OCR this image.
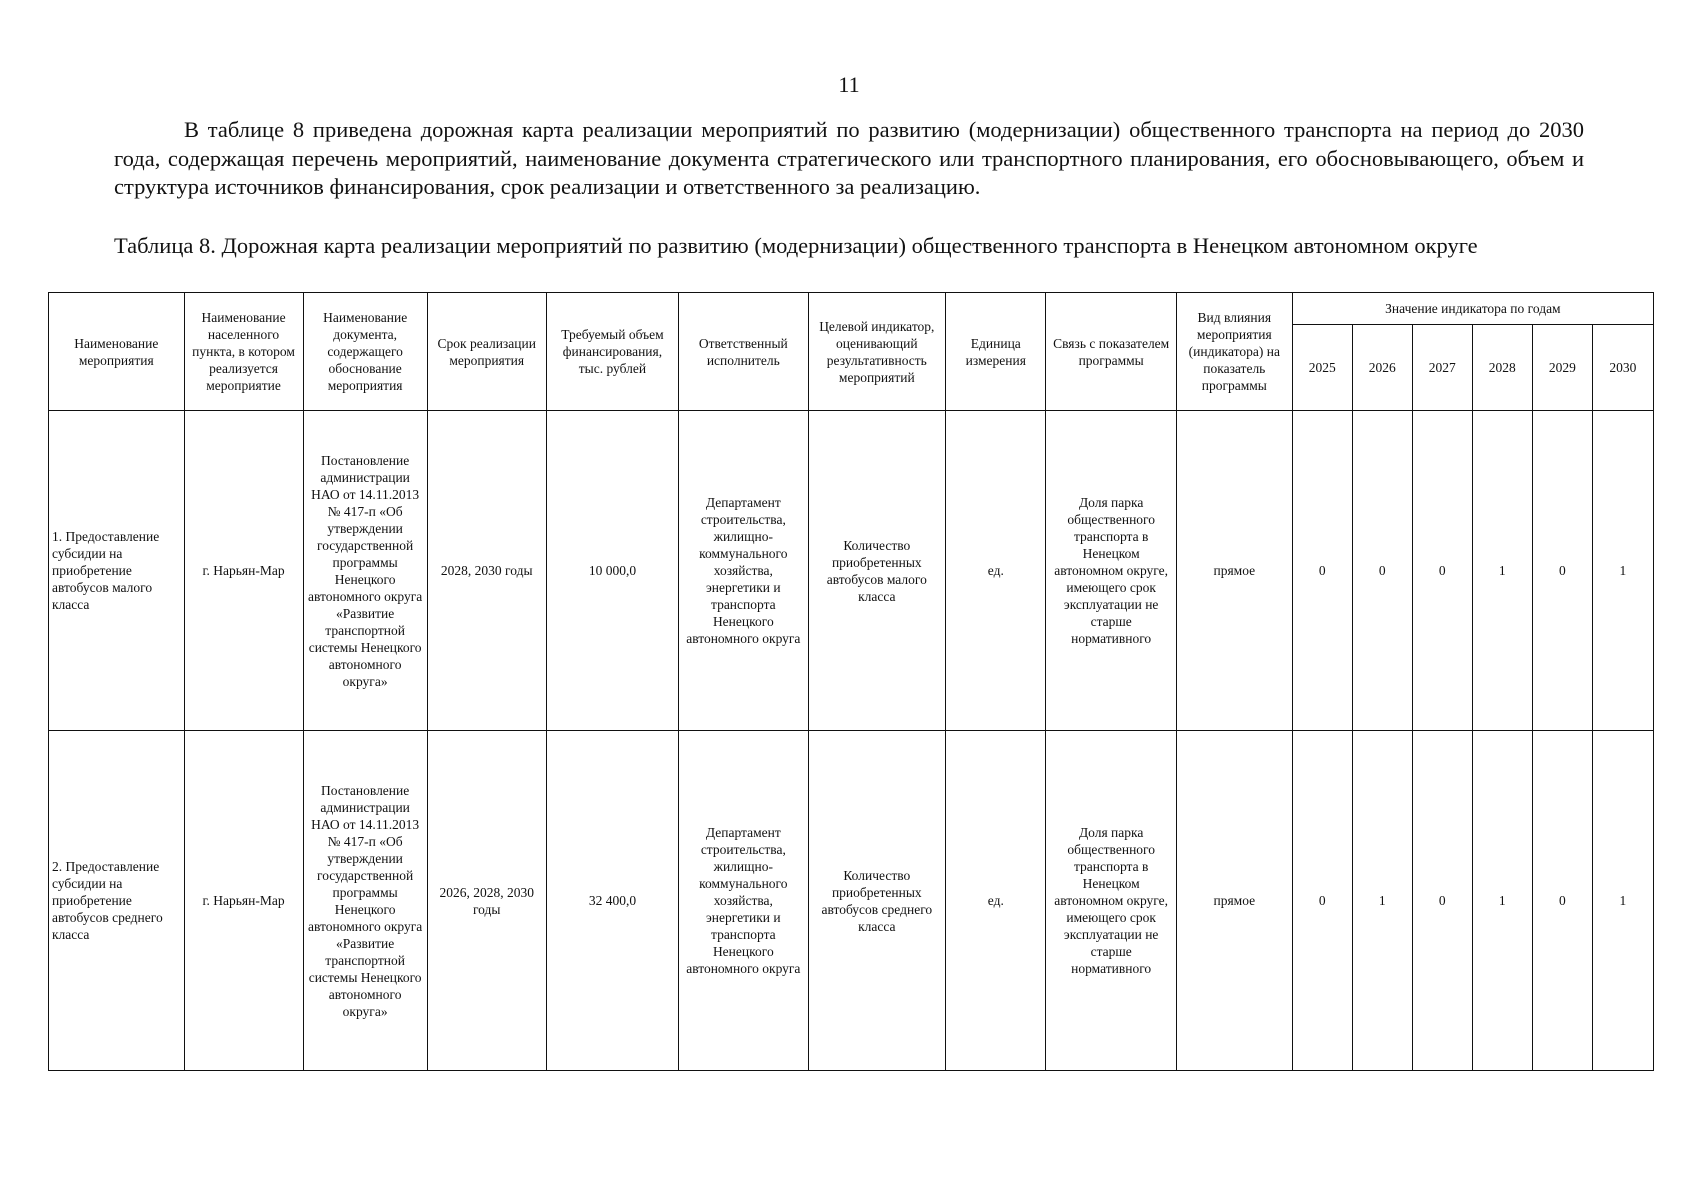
11

В таблице 8 приведена дорожная карта реализации мероприятий по развитию (модернизации) общественного транспорта на период до 2030 года, содержащая перечень мероприятий, наименование документа стратегического или транспортного планирования, его обосновывающего, объем и структура источников финансирования, срок реализации и ответственного за реализацию.

Таблица 8. Дорожная карта реализации мероприятий по развитию (модернизации) общественного транспорта в Ненецком автономном округе

Наименование мероприятия	Наименование населенного пункта, в котором реализуется мероприятие	Наименование документа, содержащего обоснование мероприятия	Срок реализации мероприятия	Требуемый объем финансирования, тыс. рублей	Ответственный исполнитель	Целевой индикатор, оценивающий результативность мероприятий	Единица измерения	Связь с показателем программы	Вид влияния мероприятия (индикатора) на показатель программы	Значение индикатора по годам					
										2025	2026	2027	2028	2029	2030
1. Предоставление субсидии на приобретение автобусов малого класса	г. Нарьян-Мар	Постановление администрации НАО от 14.11.2013 № 417-п «Об утверждении государственной программы Ненецкого автономного округа «Развитие транспортной системы Ненецкого автономного округа»	2028, 2030 годы	10 000,0	Департамент строительства, жилищно-коммунального хозяйства, энергетики и транспорта Ненецкого автономного округа	Количество приобретенных автобусов малого класса	ед.	Доля парка общественного транспорта в Ненецком автономном округе, имеющего срок эксплуатации не старше нормативного	прямое	0	0	0	1	0	1
2. Предоставление субсидии на приобретение автобусов среднего класса	г. Нарьян-Мар	Постановление администрации НАО от 14.11.2013 № 417-п «Об утверждении государственной программы Ненецкого автономного округа «Развитие транспортной системы Ненецкого автономного округа»	2026, 2028, 2030 годы	32 400,0	Департамент строительства, жилищно-коммунального хозяйства, энергетики и транспорта Ненецкого автономного округа	Количество приобретенных автобусов среднего класса	ед.	Доля парка общественного транспорта в Ненецком автономном округе, имеющего срок эксплуатации не старше нормативного	прямое	0	1	0	1	0	1
